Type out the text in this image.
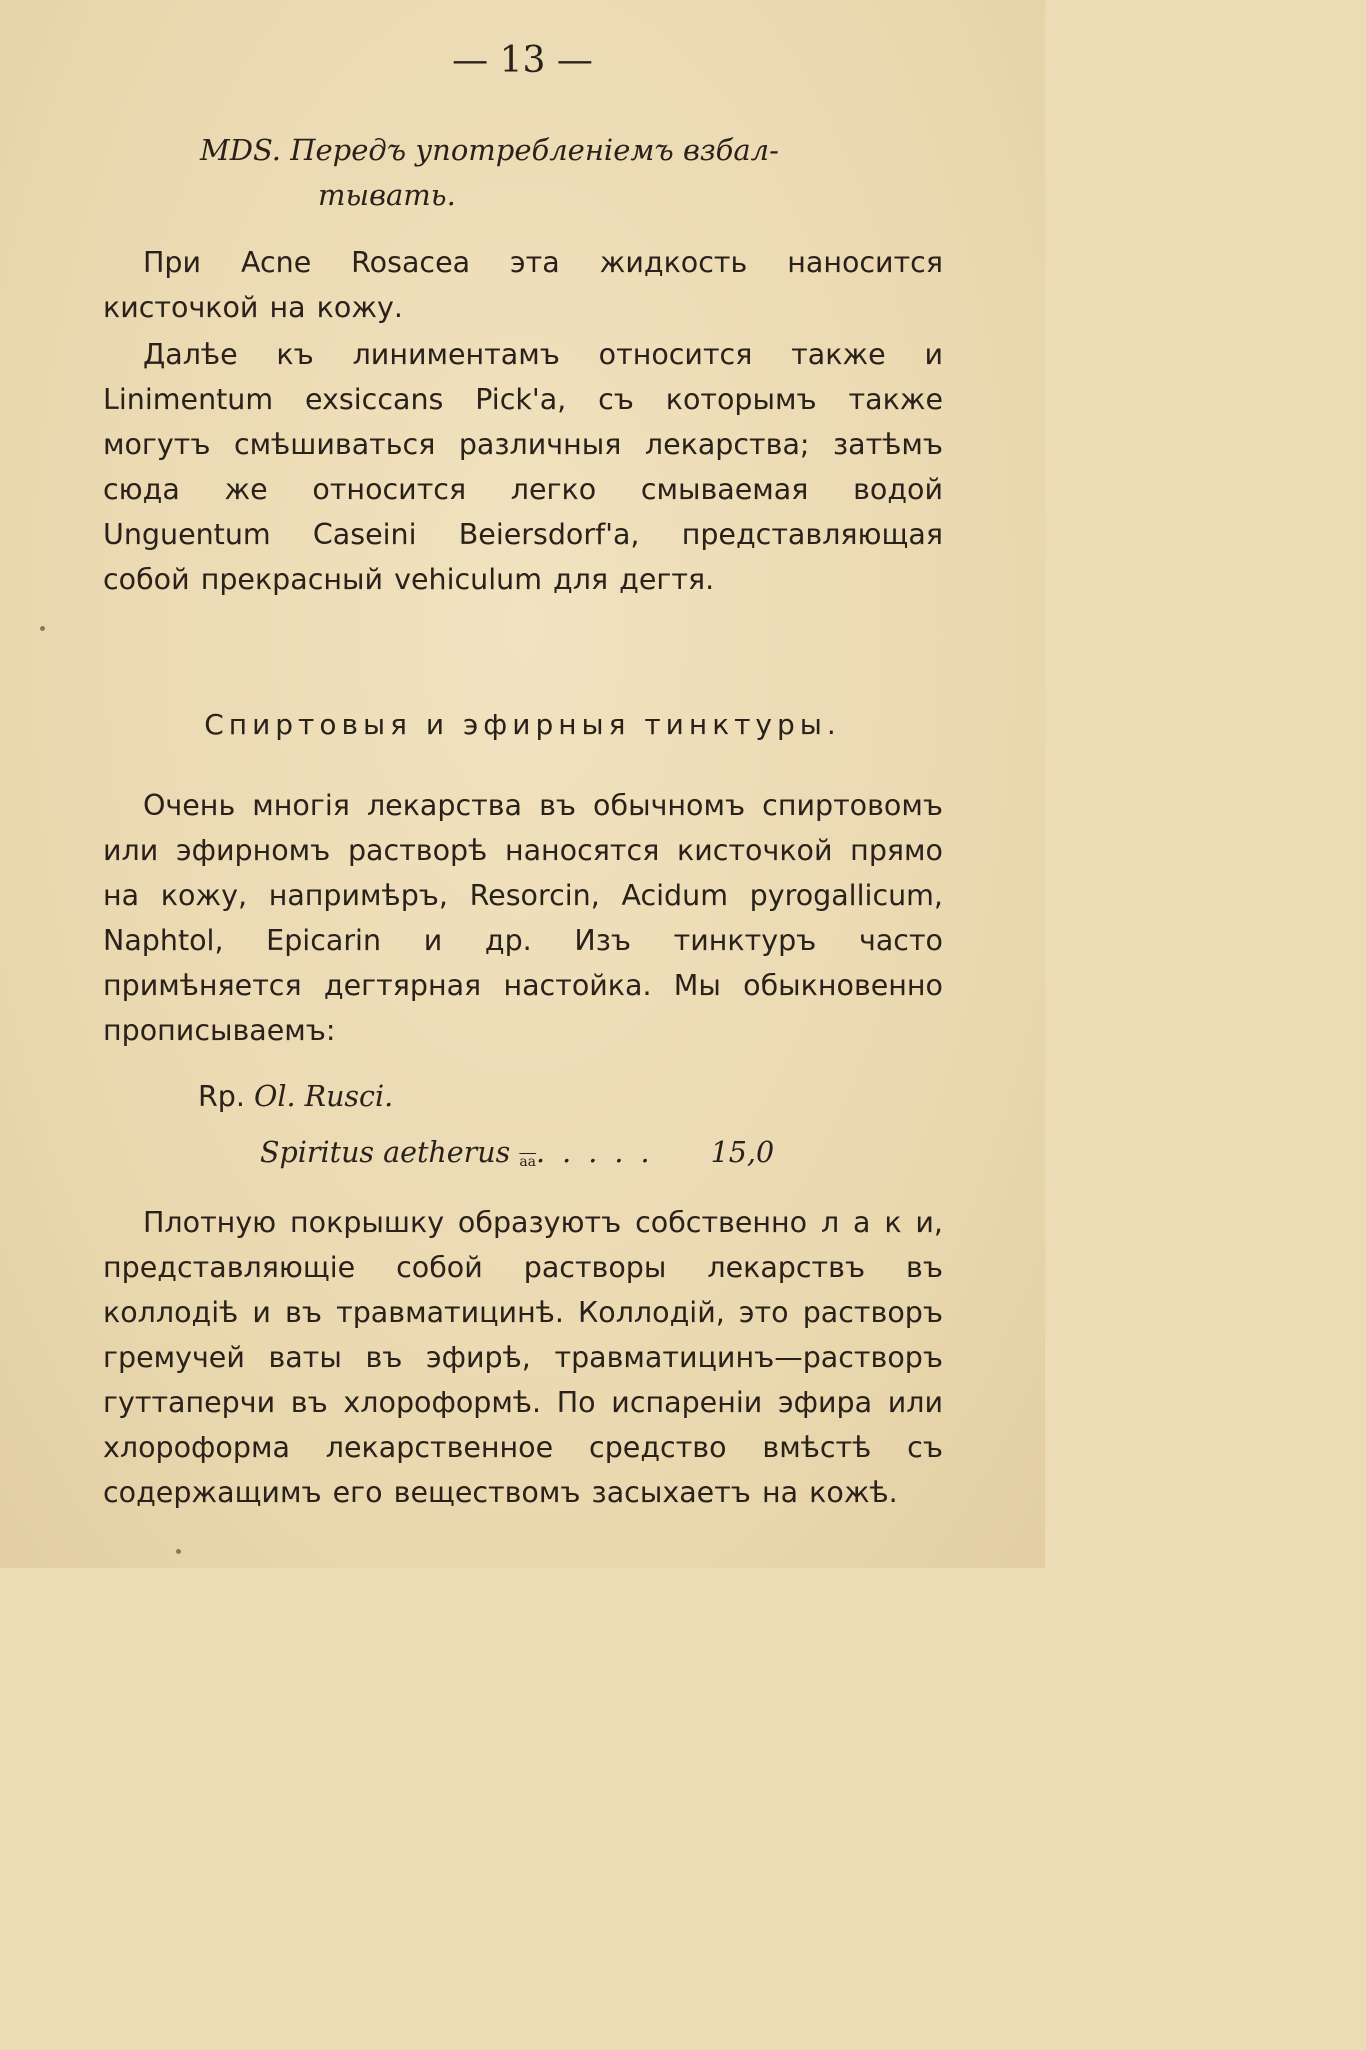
— 13 —
MDS. Передъ употребленiемъ взбал-
тывать.

При Acne Rosacea эта жидкость наносится кисточкой на кожу.

Далѣе къ линиментамъ относится также и Linimentum exsiccans Pick'а, съ которымъ также могутъ смѣшиваться различныя лекарства; затѣмъ сюда же относится легко смываемая водой Unguentum Caseini Beiersdorf'а, представляющая собой прекрасный vehiculum для дегтя.

Спиртовыя и эфирныя тинктуры.

Очень многiя лекарства въ обычномъ спиртовомъ или эфирномъ растворѣ наносятся кисточкой прямо на кожу, напримѣръ, Resorcin, Acidum pyrogallicum, Naphtol, Epicarin и др. Изъ тинктуръ часто примѣняется дегтярная настойка. Мы обыкновенно прописываемъ:

Rp. Ol. Rusci.
Spiritus aetherus $\overline{aa}$. . . . . 15,0

Плотную покрышку образуютъ собственно л а к и, представляющiе собой растворы лекарствъ въ коллодiѣ и въ травматицинѣ. Коллодiй, это растворъ гремучей ваты въ эфирѣ, травматицинъ—растворъ гуттаперчи въ хлороформѣ. По испаренiи эфира или хлороформа лекарственное средство вмѣстѣ съ содержащимъ его веществомъ засыхаетъ на кожѣ.
